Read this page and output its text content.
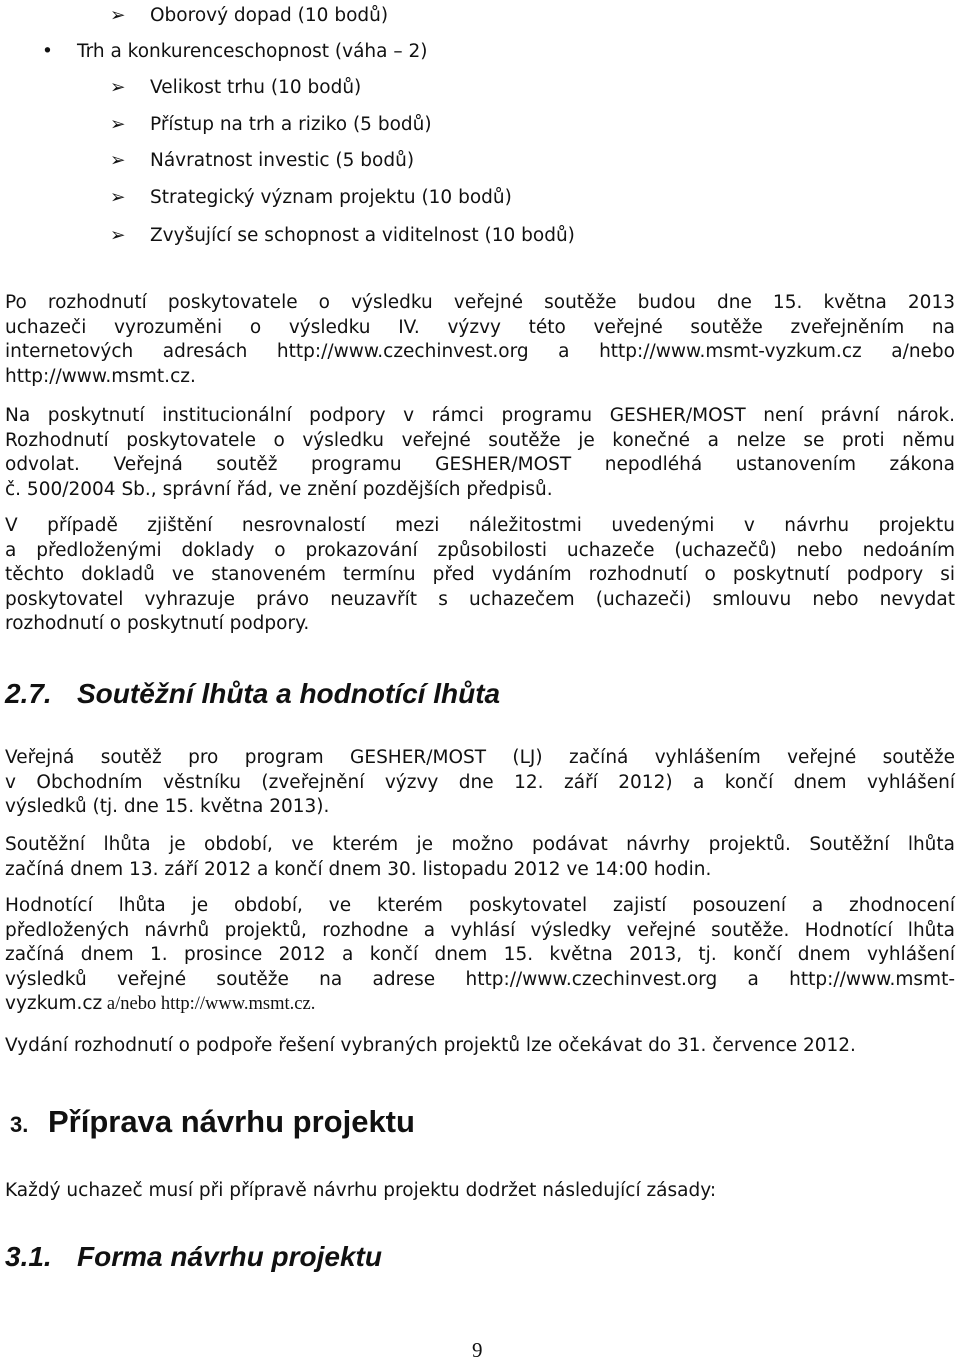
➢ Oborový dopad (10 bodů)
• Trh a konkurenceschopnost (váha – 2)
➢ Velikost trhu (10 bodů)
➢ Přístup na trh a riziko (5 bodů)
➢ Návratnost investic (5 bodů)
➢ Strategický význam projektu (10 bodů)
➢ Zvyšující se schopnost a viditelnost (10 bodů)
Po rozhodnutí poskytovatele o výsledku veřejné soutěže budou dne 15. května 2013
uchazeči vyrozuměni o výsledku IV. výzvy této veřejné soutěže zveřejněním na
internetových adresách http://www.czechinvest.org a http://www.msmt-vyzkum.cz a/nebo
http://www.msmt.cz.
Na poskytnutí institucionální podpory v rámci programu GESHER/MOST není právní nárok.
Rozhodnutí poskytovatele o výsledku veřejné soutěže je konečné a nelze se proti němu
odvolat. Veřejná soutěž programu GESHER/MOST nepodléhá ustanovením zákona
č. 500/2004 Sb., správní řád, ve znění pozdějších předpisů.
V případě zjištění nesrovnalostí mezi náležitostmi uvedenými v návrhu projektu
a předloženými doklady o prokazování způsobilosti uchazeče (uchazečů) nebo nedoáním
těchto dokladů ve stanoveném termínu před vydáním rozhodnutí o poskytnutí podpory si
poskytovatel vyhrazuje právo neuzavřít s uchazečem (uchazeči) smlouvu nebo nevydat
rozhodnutí o poskytnutí podpory.
2.7. Soutěžní lhůta a hodnotící lhůta
Veřejná soutěž pro program GESHER/MOST (LJ) začíná vyhlášením veřejné soutěže
v Obchodním věstníku (zveřejnění výzvy dne 12. září 2012) a končí dnem vyhlášení
výsledků (tj. dne 15. května 2013).
Soutěžní lhůta je období, ve kterém je možno podávat návrhy projektů. Soutěžní lhůta
začíná dnem 13. září 2012 a končí dnem 30. listopadu 2012 ve 14:00 hodin.
Hodnotící lhůta je období, ve kterém poskytovatel zajistí posouzení a zhodnocení
předložených návrhů projektů, rozhodne a vyhlásí výsledky veřejné soutěže. Hodnotící lhůta
začíná dnem 1. prosince 2012 a končí dnem 15. května 2013, tj. končí dnem vyhlášení
výsledků veřejné soutěže na adrese http://www.czechinvest.org a http://www.msmt-
vyzkum.cz a/nebo http://www.msmt.cz.
Vydání rozhodnutí o podpoře řešení vybraných projektů lze očekávat do 31. července 2012.
3. Příprava návrhu projektu
Každý uchazeč musí při přípravě návrhu projektu dodržet následující zásady:
3.1. Forma návrhu projektu
9
